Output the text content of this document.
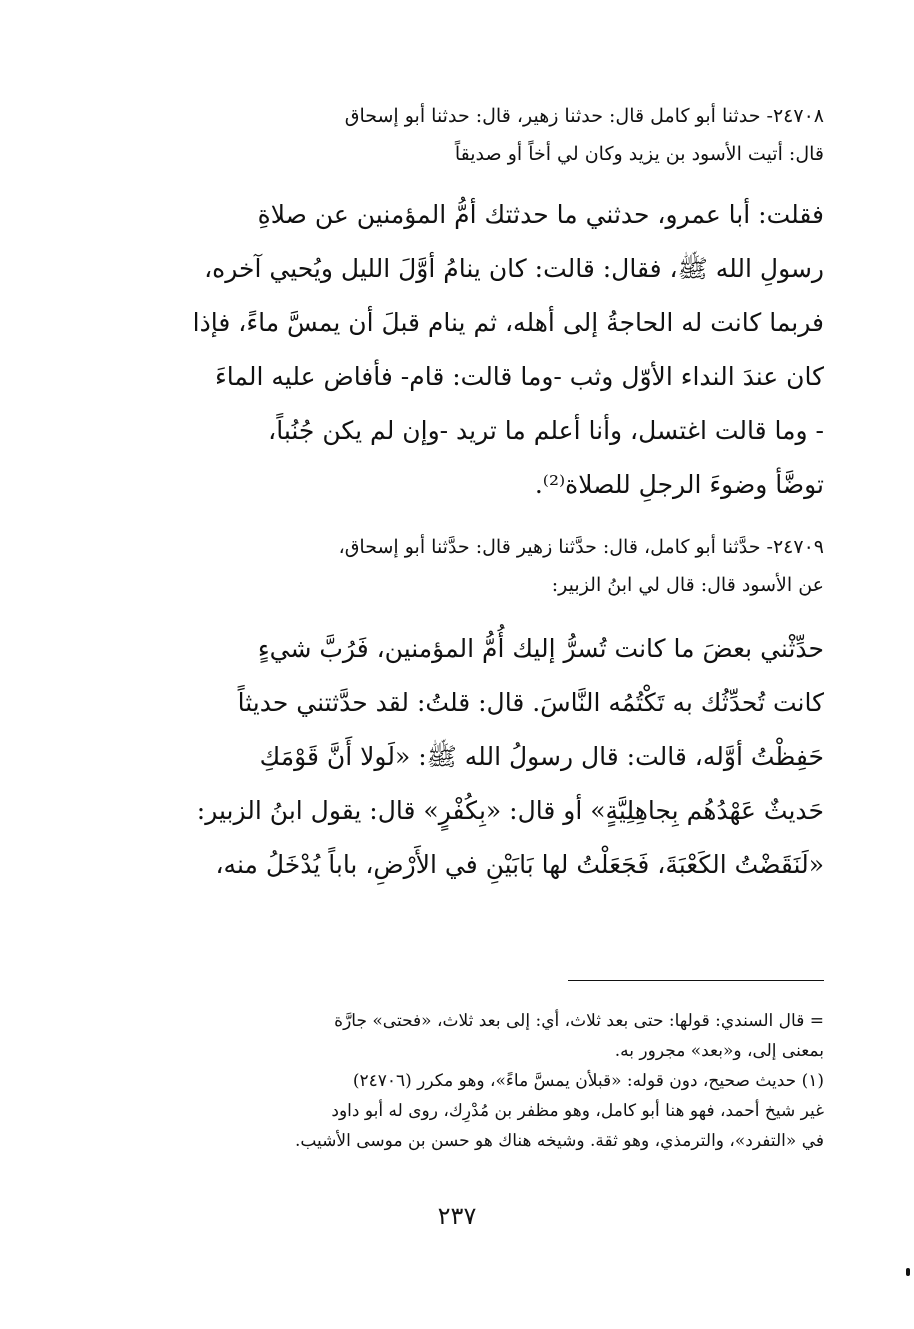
٢٤٧٠٨- حدثنا أبو كامل قال: حدثنا زهير، قال: حدثنا أبو إسحاق
قال: أتيت الأسود بن يزيد وكان لي أخاً أو صديقاً
فقلت: أبا عمرو، حدثني ما حدثتك أمُّ المؤمنين عن صلاةِ
رسولِ الله ﷺ، فقال: قالت: كان ينامُ أوَّلَ الليل ويُحيي آخره،
فربما كانت له الحاجةُ إلى أهله، ثم ينام قبلَ أن يمسَّ ماءً، فإذا
كان عندَ النداء الأوّل وثب -وما قالت: قام- فأفاض عليه الماءَ
- وما قالت اغتسل، وأنا أعلم ما تريد -وإن لم يكن جُنُباً،
توضَّأ وضوءَ الرجلِ للصلاة⁽²⁾.
٢٤٧٠٩- حدَّثنا أبو كامل، قال: حدَّثنا زهير قال: حدَّثنا أبو إسحاق،
عن الأسود قال: قال لي ابنُ الزبير:
حدِّثْني بعضَ ما كانت تُسرُّ إليك أُمُّ المؤمنين، فَرُبَّ شيءٍ
كانت تُحدِّثُك به تَكْتُمُه النَّاسَ. قال: قلتُ: لقد حدَّثتني حديثاً
حَفِظْتُ أوَّله، قالت: قال رسولُ الله ﷺ: «لَولا أَنَّ قَوْمَكِ
حَديثٌ عَهْدُهُم بِجاهِلِيَّةٍ» أو قال: «بِكُفْرٍ» قال: يقول ابنُ الزبير:
«لَنَقَضْتُ الكَعْبَةَ، فَجَعَلْتُ لها بَابَيْنِ في الأَرْضِ، باباً يُدْخَلُ منه،
= قال السندي: قولها: حتى بعد ثلاث، أي: إلى بعد ثلاث، «فحتى» جارَّة
بمعنى إلى، و«بعد» مجرور به.
(١) حديث صحيح، دون قوله: «قبلأن يمسَّ ماءً»، وهو مكرر (٢٤٧٠٦)
غير شيخ أحمد، فهو هنا أبو كامل، وهو مظفر بن مُدْرِك، روى له أبو داود
في «التفرد»، والترمذي، وهو ثقة. وشيخه هناك هو حسن بن موسى الأشيب.
٢٣٧
